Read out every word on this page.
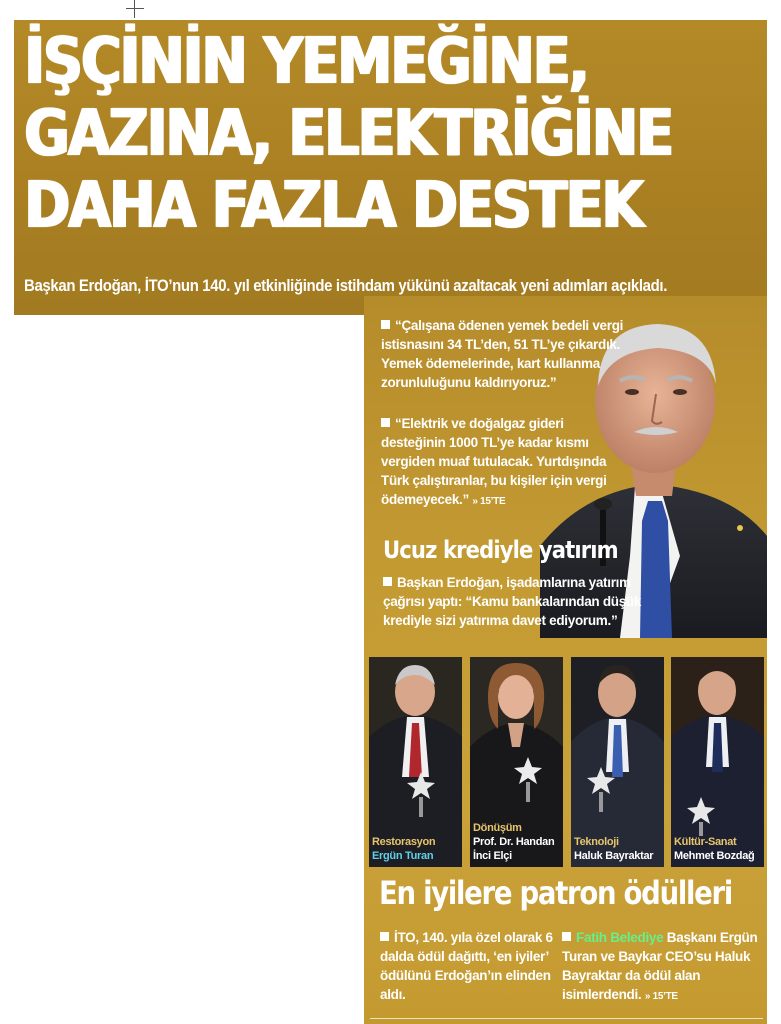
İŞÇİNİN YEMEĞİNE,
GAZINA, ELEKTRİĞİNE
DAHA FAZLA DESTEK
Başkan Erdoğan, İTO’nun 140. yıl etkinliğinde istihdam yükünü azaltacak yeni adımları açıkladı.
“Çalışana ödenen yemek bedeli vergi istisnasını 34 TL’den, 51 TL’ye çıkardık. Yemek ödemelerinde, kart kullanma zorunluluğunu kaldırıyoruz.”
“Elektrik ve doğalgaz gideri desteğinin 1000 TL’ye kadar kısmı vergiden muaf tutulacak. Yurtdışında Türk çalıştıranlar, bu kişiler için vergi ödemeyecek.” » 15’TE
Ucuz krediyle yatırım
Başkan Erdoğan, işadamlarına yatırım çağrısı yaptı: “Kamu bankalarından düşük krediyle sizi yatırıma davet ediyorum.”
Restorasyon
Ergün Turan
Dönüşüm
Prof. Dr. Handan İnci Elçi
Teknoloji
Haluk Bayraktar
Kültür-Sanat
Mehmet Bozdağ
En iyilere patron ödülleri
İTO, 140. yıla özel olarak 6 dalda ödül dağıttı, ‘en iyiler’ ödülünü Erdoğan’ın elinden aldı.
Fatih Belediye Başkanı Ergün Turan ve Baykar CEO’su Haluk Bayraktar da ödül alan isimlerdendi. » 15’TE
